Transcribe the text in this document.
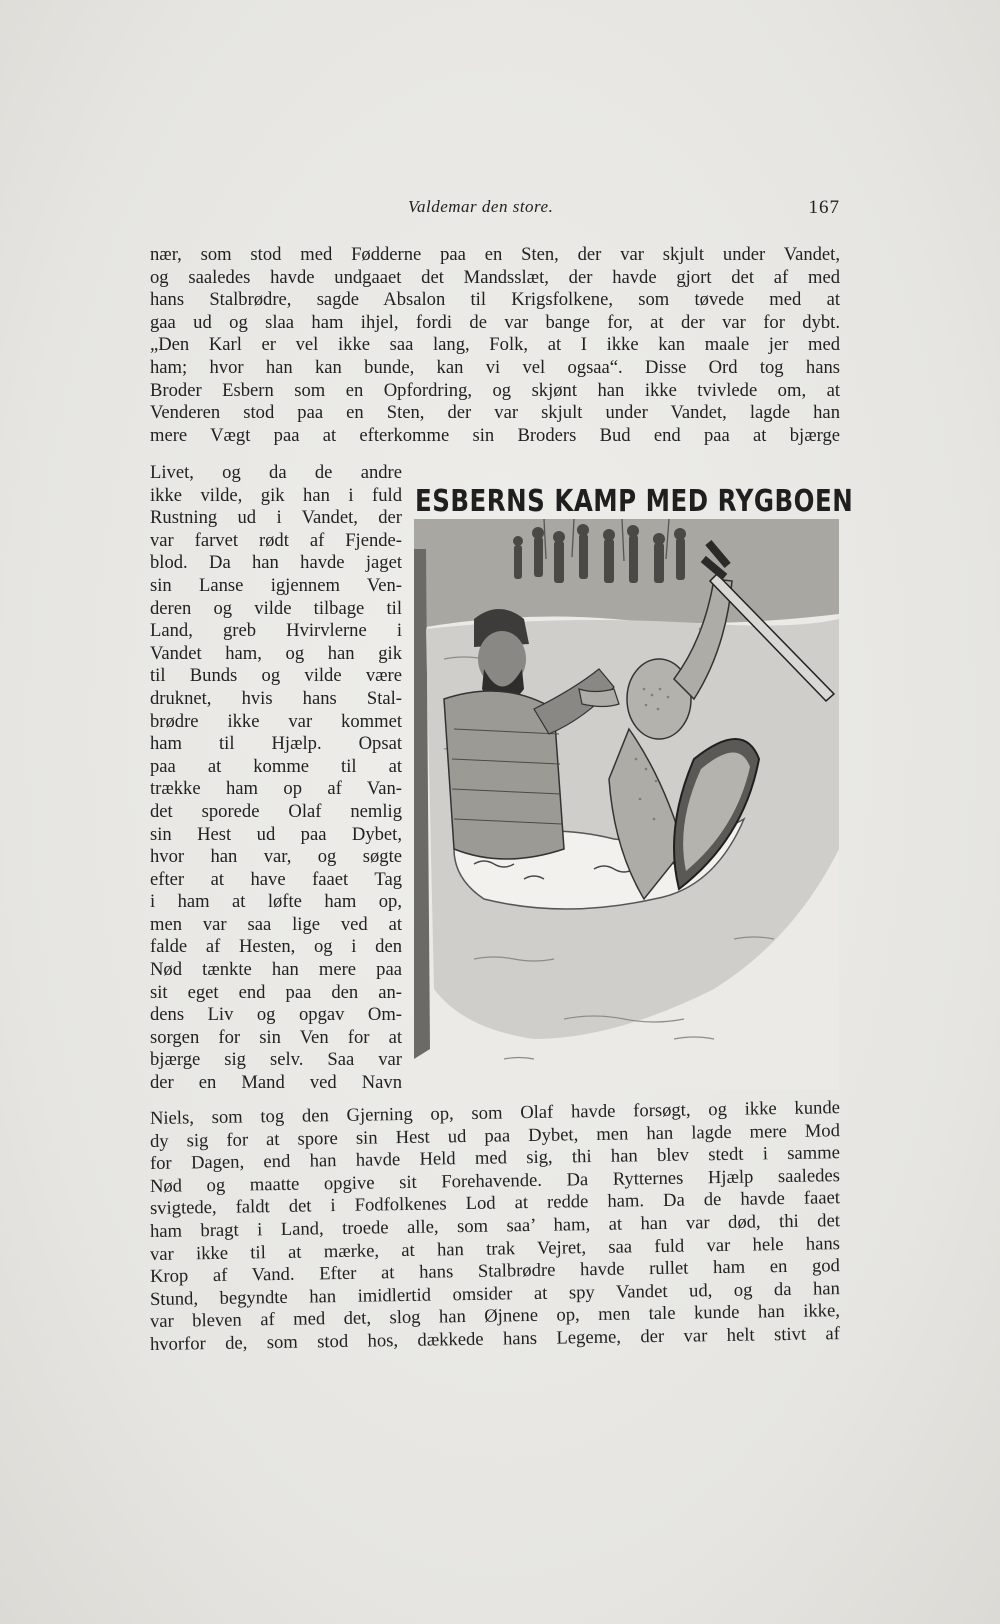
Valdemar den store.	167
nær, som stod med Fødderne paa en Sten, der var skjult under Vandet,
og saaledes havde undgaaet det Mandsslæt, der havde gjort det af med
hans Stalbrødre, sagde Absalon til Krigsfolkene, som tøvede med at
gaa ud og slaa ham ihjel, fordi de var bange for, at der var for dybt.
„Den Karl er vel ikke saa lang, Folk, at I ikke kan maale jer med
ham; hvor han kan bunde, kan vi vel ogsaa“. Disse Ord tog hans
Broder Esbern som en Opfordring, og skjønt han ikke tvivlede om, at
Venderen stod paa en Sten, der var skjult under Vandet, lagde han
mere Vægt paa at efterkomme sin Broders Bud end paa at bjærge
Livet, og da de andre
ikke vilde, gik han i fuld
Rustning ud i Vandet, der
var farvet rødt af Fjende-
blod. Da han havde jaget
sin Lanse igjennem Ven-
deren og vilde tilbage til
Land, greb Hvirvlerne i
Vandet ham, og han gik
til Bunds og vilde være
druknet, hvis hans Stal-
brødre ikke var kommet
ham til Hjælp. Opsat
paa at komme til at
trække ham op af Van-
det sporede Olaf nemlig
sin Hest ud paa Dybet,
hvor han var, og søgte
efter at have faaet Tag
i ham at løfte ham op,
men var saa lige ved at
falde af Hesten, og i den
Nød tænkte han mere paa
sit eget end paa den an-
dens Liv og opgav Om-
sorgen for sin Ven for at
bjærge sig selv. Saa var
der en Mand ved Navn
ESBERNS KAMP MED RYGBOEN
Niels, som tog den Gjerning op, som Olaf havde forsøgt, og ikke kunde
dy sig for at spore sin Hest ud paa Dybet, men han lagde mere Mod
for Dagen, end han havde Held med sig, thi han blev stedt i samme
Nød og maatte opgive sit Forehavende. Da Rytternes Hjælp saaledes
svigtede, faldt det i Fodfolkenes Lod at redde ham. Da de havde faaet
ham bragt i Land, troede alle, som saa’ ham, at han var død, thi det
var ikke til at mærke, at han trak Vejret, saa fuld var hele hans
Krop af Vand. Efter at hans Stalbrødre havde rullet ham en god
Stund, begyndte han imidlertid omsider at spy Vandet ud, og da han
var bleven af med det, slog han Øjnene op, men tale kunde han ikke,
hvorfor de, som stod hos, dækkede hans Legeme, der var helt stivt af
